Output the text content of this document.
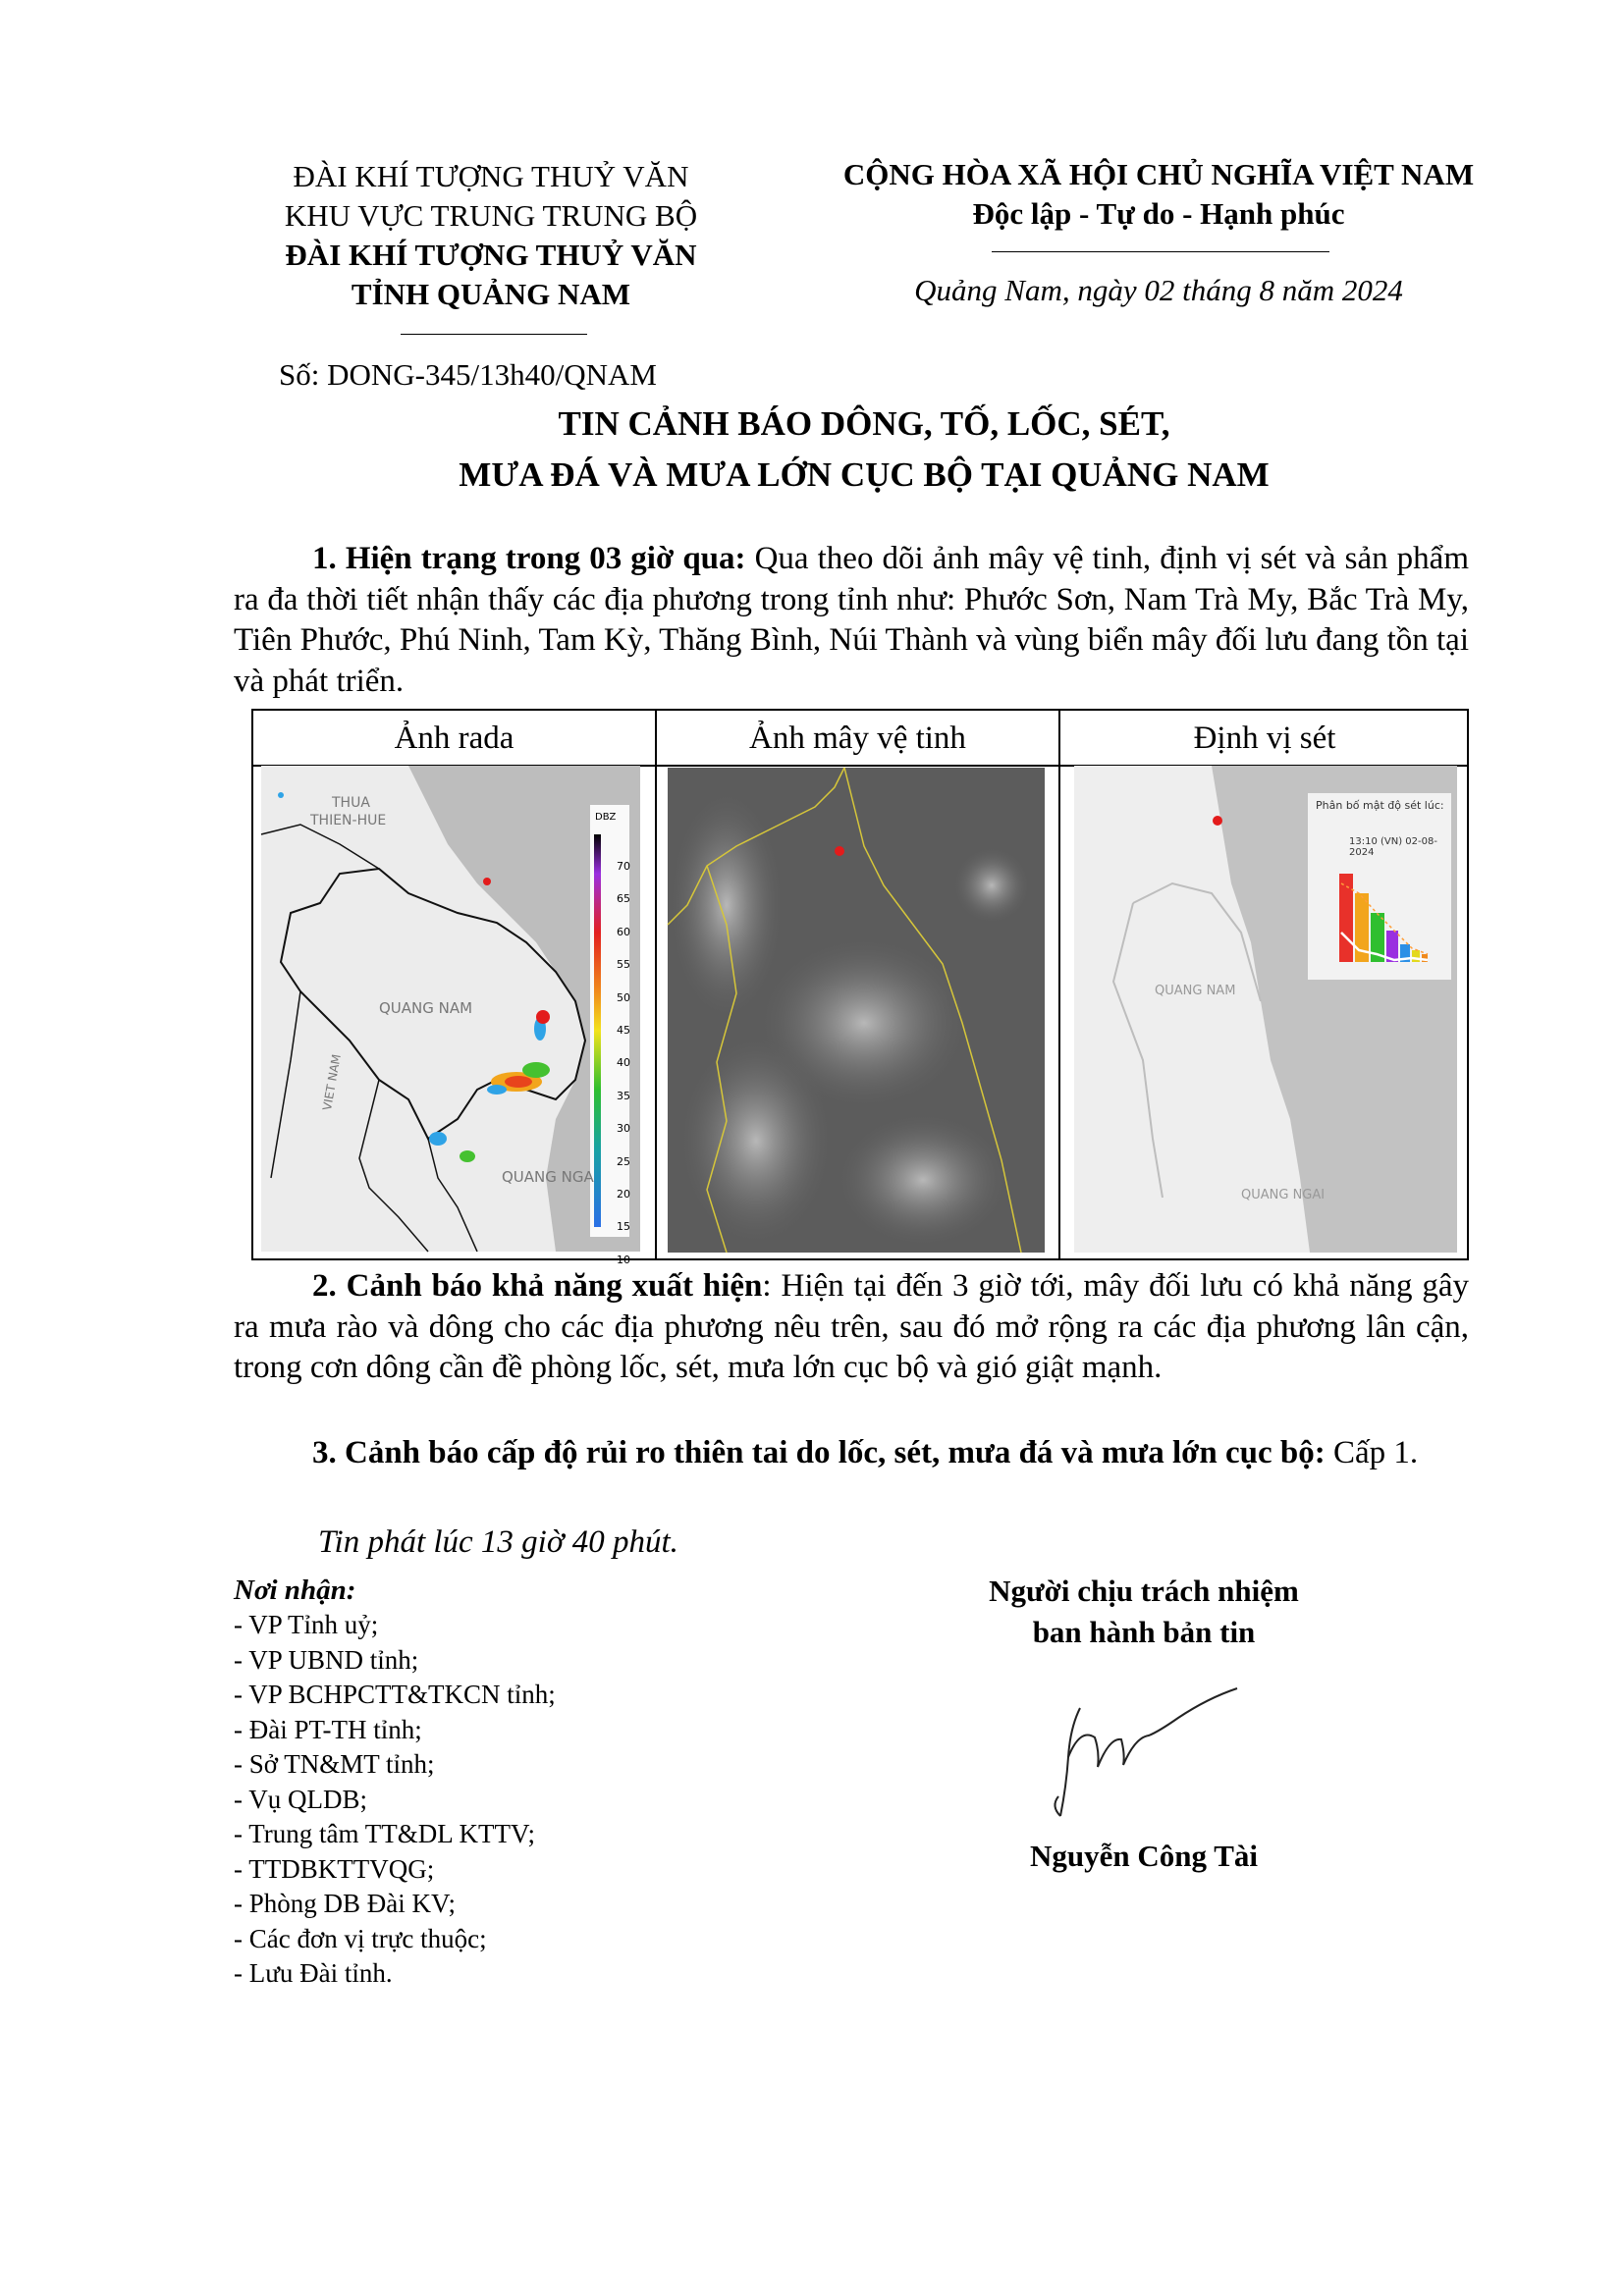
ĐÀI KHÍ TƯỢNG THUỶ VĂN
KHU VỰC TRUNG TRUNG BỘ
ĐÀI KHÍ TƯỢNG THUỶ VĂN
TỈNH QUẢNG NAM
Số: DONG-345/13h40/QNAM
CỘNG HÒA XÃ HỘI CHỦ NGHĨA VIỆT NAM
Độc lập - Tự do - Hạnh phúc
Quảng Nam, ngày 02 tháng 8 năm 2024
TIN CẢNH BÁO DÔNG, TỐ, LỐC, SÉT,
MƯA ĐÁ VÀ MƯA LỚN CỤC BỘ TẠI QUẢNG NAM
1. Hiện trạng trong 03 giờ qua: Qua theo dõi ảnh mây vệ tinh, định vị sét và sản phẩm ra đa thời tiết nhận thấy các địa phương trong tỉnh như: Phước Sơn, Nam Trà My, Bắc Trà My, Tiên Phước, Phú Ninh, Tam Kỳ, Thăng Bình, Núi Thành và vùng biển mây đối lưu đang tồn tại và phát triển.
Ảnh rada	Ảnh mây vệ tinh	Định vị sét
DBZ
THUA
THIEN-HUE
QUANG NAM
VIET NAM
QUANG NGA
70
65
60
55
50
45
40
35
30
25
20
15
10
Phân bố mật độ sét lúc:
13:10 (VN) 02-08-2024
QUANG NAM
QUANG NGAI
2. Cảnh báo khả năng xuất hiện: Hiện tại đến 3 giờ tới, mây đối lưu có khả năng gây ra mưa rào và dông cho các địa phương nêu trên, sau đó mở rộng ra các địa phương lân cận, trong cơn dông cần đề phòng lốc, sét, mưa lớn cục bộ và gió giật mạnh.
3. Cảnh báo cấp độ rủi ro thiên tai do lốc, sét, mưa đá và mưa lớn cục bộ: Cấp 1.
Tin phát lúc 13 giờ 40 phút.
Nơi nhận:
- VP Tỉnh uỷ;
- VP UBND tỉnh;
- VP BCHPCTT&TKCN tỉnh;
- Đài PT-TH tỉnh;
- Sở TN&MT tỉnh;
- Vụ QLDB;
- Trung tâm TT&DL KTTV;
- TTDBKTTVQG;
- Phòng DB Đài KV;
- Các đơn vị trực thuộc;
- Lưu Đài tỉnh.
Người chịu trách nhiệm
ban hành bản tin
Nguyễn Công Tài
